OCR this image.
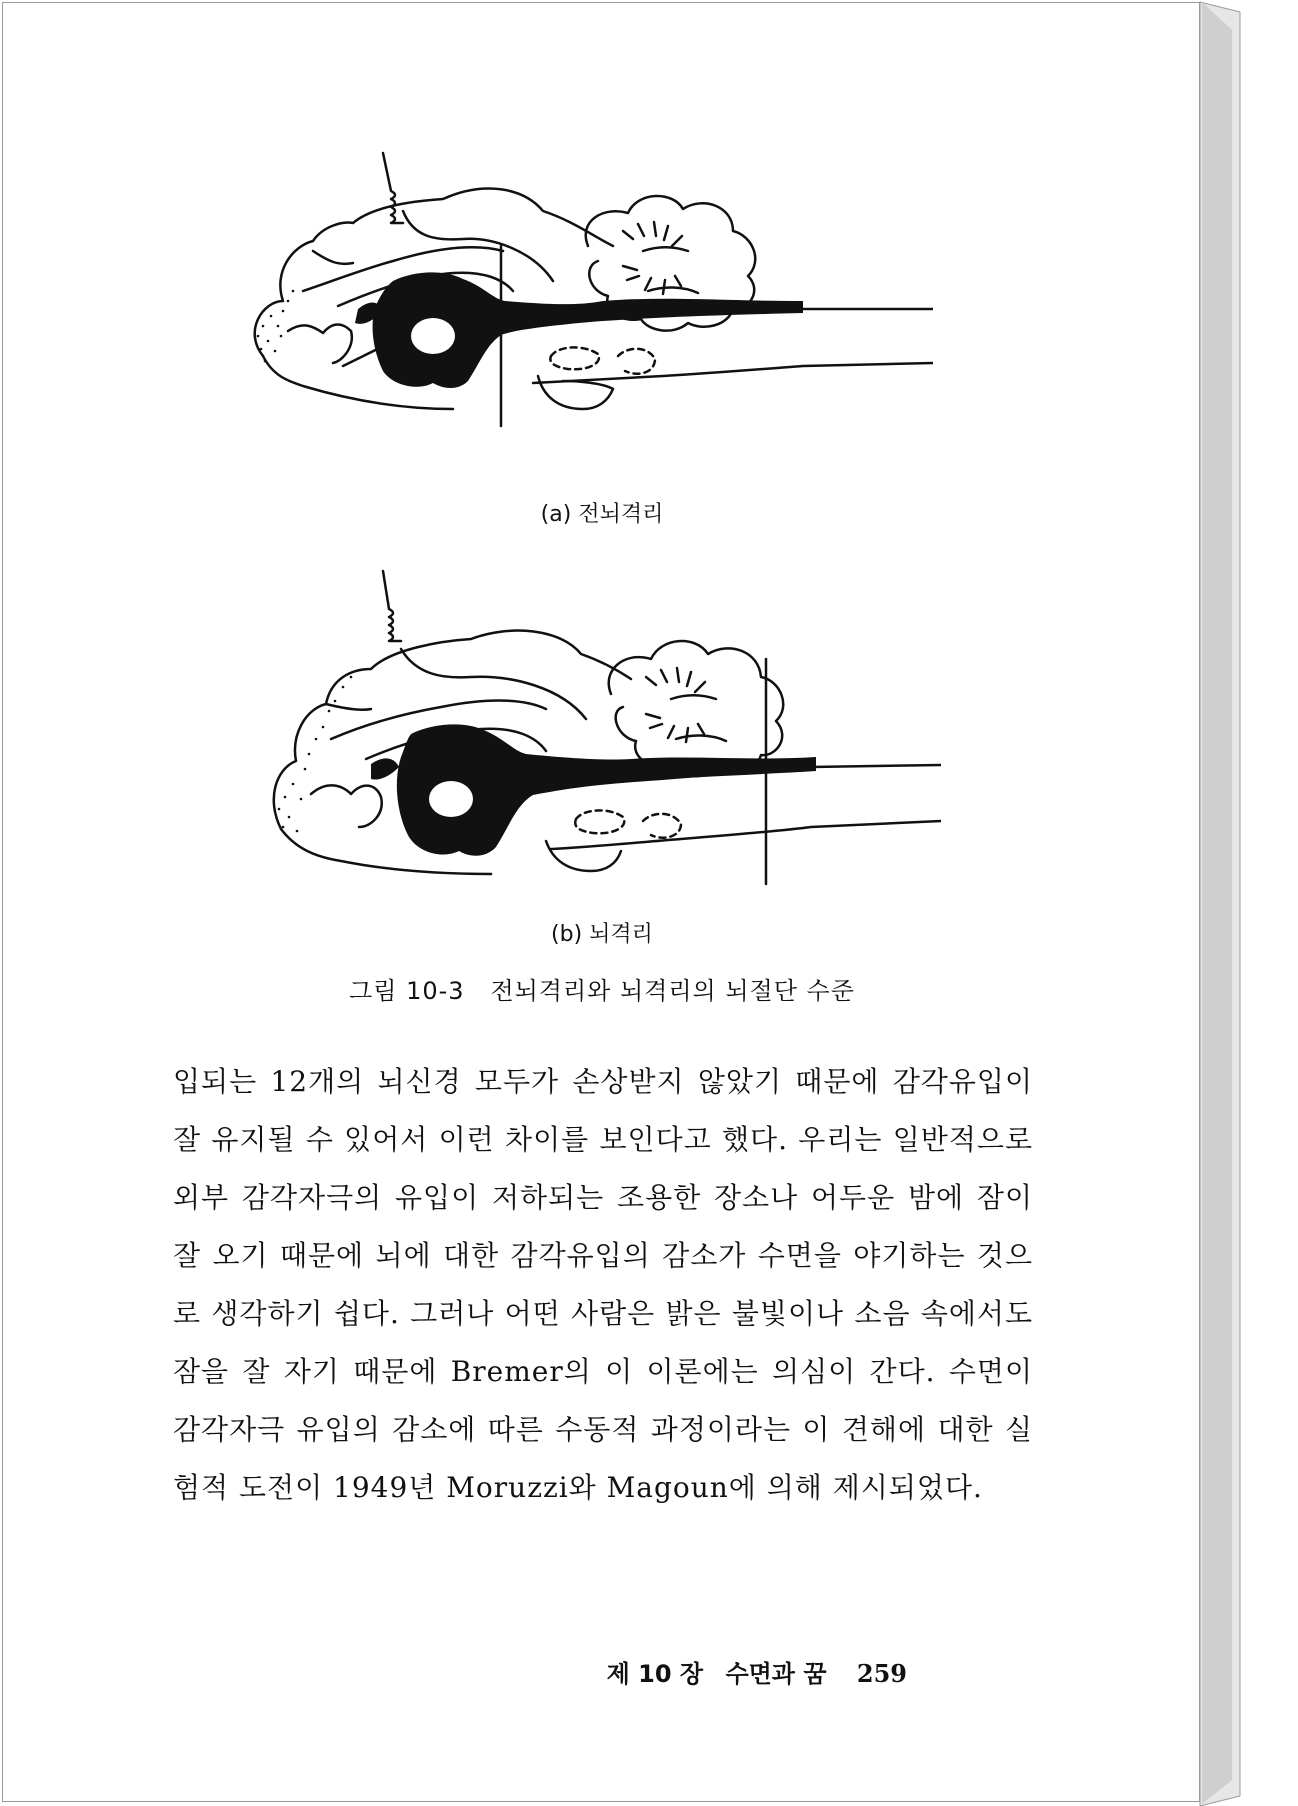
(a) 전뇌격리
(b) 뇌격리
그림 10-3 전뇌격리와 뇌격리의 뇌절단 수준

입되는 12개의 뇌신경 모두가 손상받지 않았기 때문에 감각유입이 잘 유지될 수 있어서 이런 차이를 보인다고 했다. 우리는 일반적으로 외부 감각자극의 유입이 저하되는 조용한 장소나 어두운 밤에 잠이 잘 오기 때문에 뇌에 대한 감각유입의 감소가 수면을 야기하는 것으로 생각하기 쉽다. 그러나 어떤 사람은 밝은 불빛이나 소음 속에서도 잠을 잘 자기 때문에 Bremer의 이 이론에는 의심이 간다. 수면이 감각자극 유입의 감소에 따른 수동적 과정이라는 이 견해에 대한 실험적 도전이 1949년 Moruzzi와 Magoun에 의해 제시되었다.

제 10 장 수면과 꿈 259
